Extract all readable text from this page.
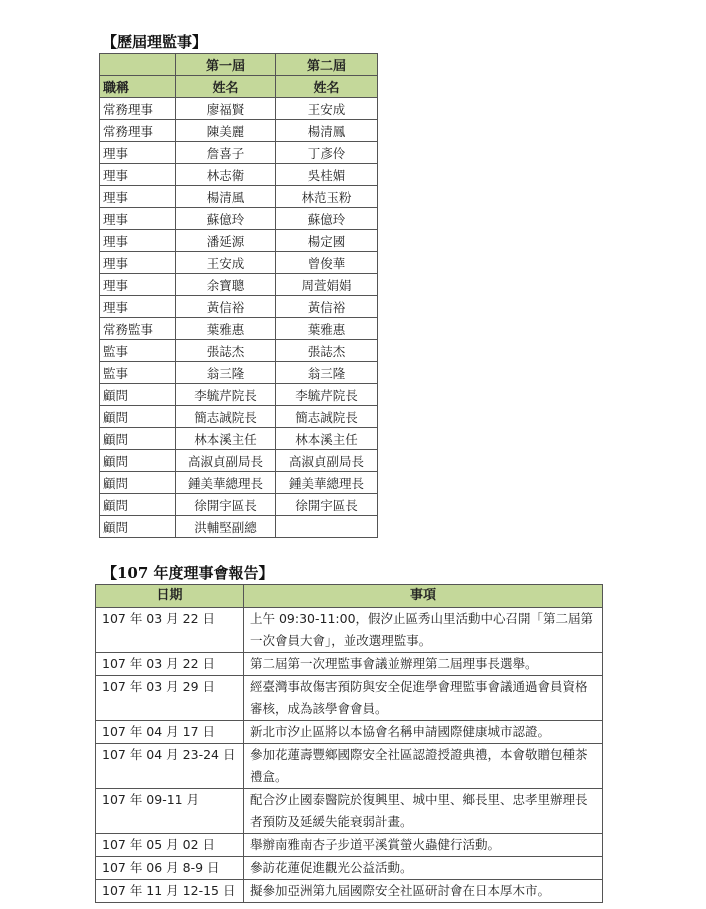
【歷屆理監事】
	第一屆	第二屆
職稱	姓名	姓名
常務理事	廖福賢	王安成
常務理事	陳美麗	楊清鳳
理事	詹喜子	丁彥伶
理事	林志衛	吳桂媚
理事	楊清風	林范玉粉
理事	蘇億玲	蘇億玲
理事	潘延源	楊定國
理事	王安成	曾俊華
理事	余寶聰	周萱娟娟
理事	黃信裕	黃信裕
常務監事	葉雅惠	葉雅惠
監事	張誌杰	張誌杰
監事	翁三隆	翁三隆
顧問	李毓芹院長	李毓芹院長
顧問	簡志誠院長	簡志誠院長
顧問	林本溪主任	林本溪主任
顧問	高淑貞副局長	高淑貞副局長
顧問	鍾美華總理長	鍾美華總理長
顧問	徐開宇區長	徐開宇區長
顧問	洪輔堅副總	
【107 年度理事會報告】
日期	事項
107 年 03 月 22 日	上午 09:30-11:00，假汐止區秀山里活動中心召開「第二屆第一次會員大會」，並改選理監事。
107 年 03 月 22 日	第二屆第一次理監事會議並辦理第二屆理事長選舉。
107 年 03 月 29 日	經臺灣事故傷害預防與安全促進學會理監事會議通過會員資格審核，成為該學會會員。
107 年 04 月 17 日	新北市汐止區將以本協會名稱申請國際健康城市認證。
107 年 04 月 23-24 日	參加花蓮壽豐鄉國際安全社區認證授證典禮，本會敬贈包種茶禮盒。
107 年 09-11 月	配合汐止國泰醫院於復興里、城中里、鄉長里、忠孝里辦理長者預防及延緩失能衰弱計畫。
107 年 05 月 02 日	舉辦南雅南杏子步道平溪賞螢火蟲健行活動。
107 年 06 月 8-9 日	參訪花蓮促進觀光公益活動。
107 年 11 月 12-15 日	擬參加亞洲第九屆國際安全社區研討會在日本厚木市。
